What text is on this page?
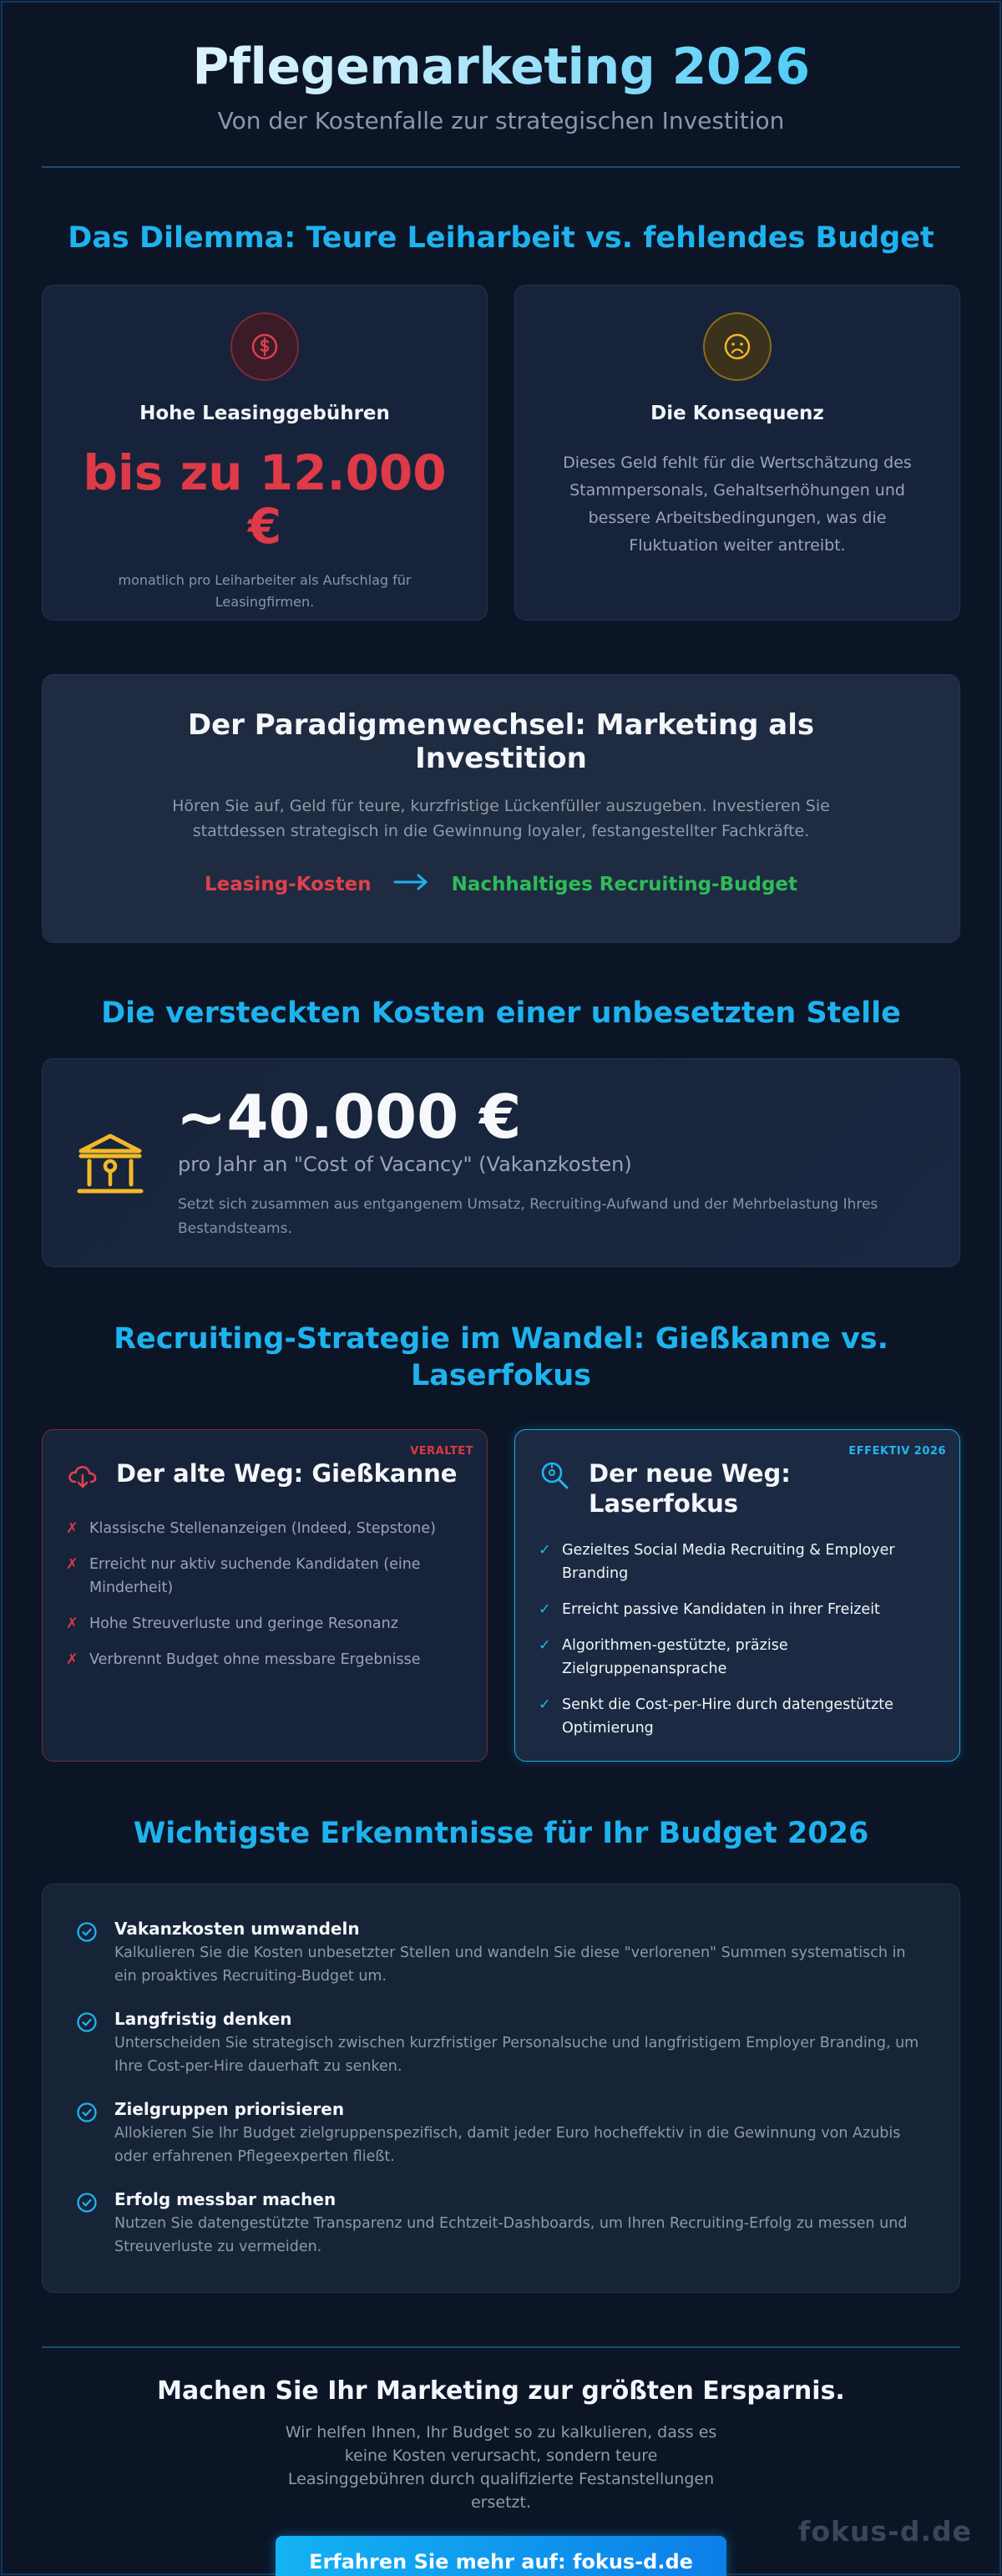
Pflegemarketing 2026
Von der Kostenfalle zur strategischen Investition
Das Dilemma: Teure Leiharbeit vs. fehlendes Budget
Hohe Leasinggebühren
bis zu 12.000 €
monatlich pro Leiharbeiter als Aufschlag für Leasingfirmen.
Die Konsequenz
Dieses Geld fehlt für die Wertschätzung des Stammpersonals, Gehaltserhöhungen und bessere Arbeitsbedingungen, was die Fluktuation weiter antreibt.
Der Paradigmenwechsel: Marketing als Investition

Hören Sie auf, Geld für teure, kurzfristige Lückenfüller auszugeben. Investieren Sie stattdessen strategisch in die Gewinnung loyaler, festangestellter Fachkräfte.

Leasing-Kosten	Nachhaltiges Recruiting-Budget
Die versteckten Kosten einer unbesetzten Stelle
~40.000 €
pro Jahr an "Cost of Vacancy" (Vakanzkosten)
Setzt sich zusammen aus entgangenem Umsatz, Recruiting-Aufwand und der Mehrbelastung Ihres Bestandsteams.
Recruiting-Strategie im Wandel: Gießkanne vs. Laserfokus
VERALTET
Der alte Weg: Gießkanne
✗ Klassische Stellenanzeigen (Indeed, Stepstone)
✗ Erreicht nur aktiv suchende Kandidaten (eine Minderheit)
✗ Hohe Streuverluste und geringe Resonanz
✗ Verbrennt Budget ohne messbare Ergebnisse
EFFEKTIV 2026
Der neue Weg: Laserfokus
✓ Gezieltes Social Media Recruiting & Employer Branding
✓ Erreicht passive Kandidaten in ihrer Freizeit
✓ Algorithmen-gestützte, präzise Zielgruppenansprache
✓ Senkt die Cost-per-Hire durch datengestützte Optimierung
Wichtigste Erkenntnisse für Ihr Budget 2026
Vakanzkosten umwandeln
Kalkulieren Sie die Kosten unbesetzter Stellen und wandeln Sie diese "verlorenen" Summen systematisch in ein proaktives Recruiting-Budget um.
Langfristig denken
Unterscheiden Sie strategisch zwischen kurzfristiger Personalsuche und langfristigem Employer Branding, um Ihre Cost-per-Hire dauerhaft zu senken.
Zielgruppen priorisieren
Allokieren Sie Ihr Budget zielgruppenspezifisch, damit jeder Euro hocheffektiv in die Gewinnung von Azubis oder erfahrenen Pflegeexperten fließt.
Erfolg messbar machen
Nutzen Sie datengestützte Transparenz und Echtzeit-Dashboards, um Ihren Recruiting-Erfolg zu messen und Streuverluste zu vermeiden.
Machen Sie Ihr Marketing zur größten Ersparnis.

Wir helfen Ihnen, Ihr Budget so zu kalkulieren, dass es keine Kosten verursacht, sondern teure Leasinggebühren durch qualifizierte Festanstellungen ersetzt.

Erfahren Sie mehr auf: fokus-d.de
fokus-d.de
